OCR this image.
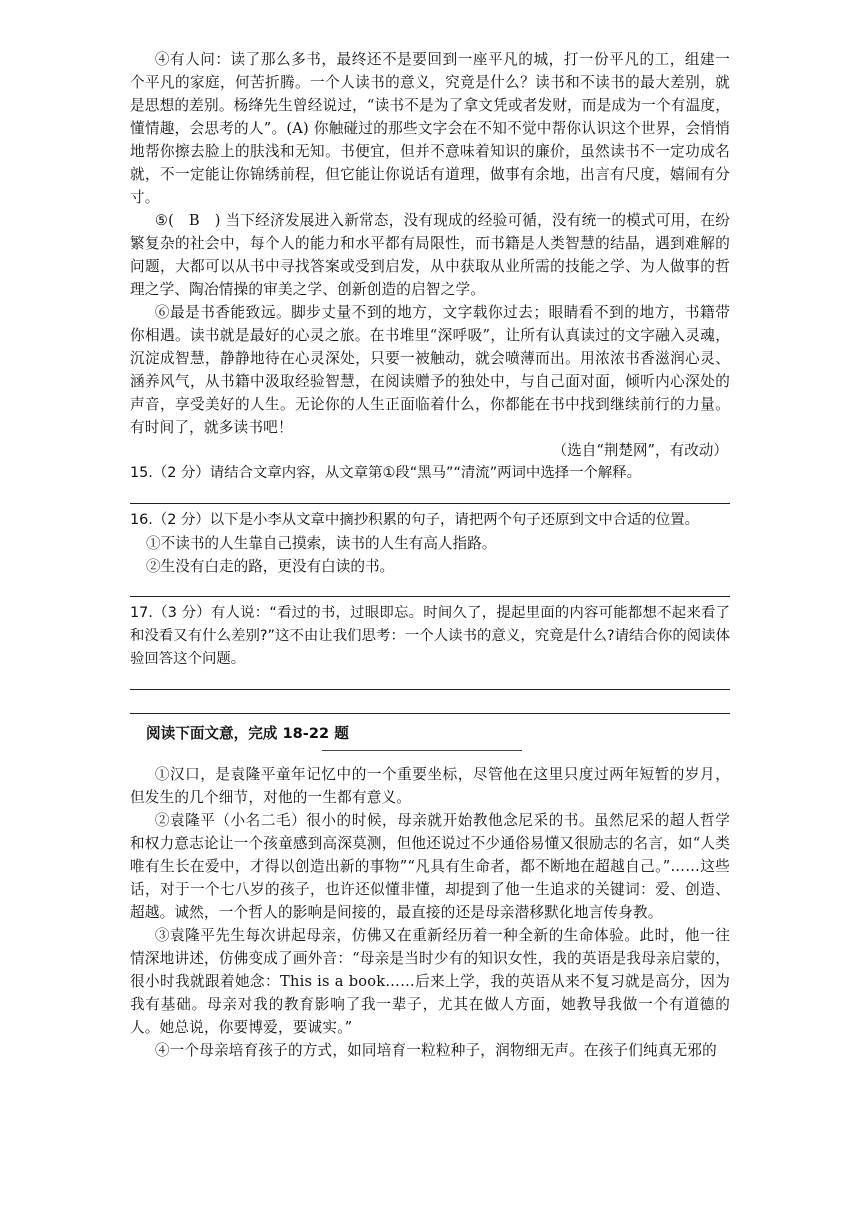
④有人问：读了那么多书，最终还不是要回到一座平凡的城，打一份平凡的工，组建一个平凡的家庭，何苦折腾。一个人读书的意义，究竟是什么？读书和不读书的最大差别，就是思想的差别。杨绛先生曾经说过，“读书不是为了拿文凭或者发财，而是成为一个有温度，懂情趣，会思考的人”。(A) 你触碰过的那些文字会在不知不觉中帮你认识这个世界，会悄悄地帮你擦去脸上的肤浅和无知。书便宜，但并不意味着知识的廉价，虽然读书不一定功成名就，不一定能让你锦绣前程，但它能让你说话有道理，做事有余地，出言有尺度，嬉闹有分寸。

⑤(　B　) 当下经济发展进入新常态，没有现成的经验可循，没有统一的模式可用，在纷繁复杂的社会中，每个人的能力和水平都有局限性，而书籍是人类智慧的结晶，遇到难解的问题，大都可以从书中寻找答案或受到启发，从中获取从业所需的技能之学、为人做事的哲理之学、陶冶情操的审美之学、创新创造的启智之学。

⑥最是书香能致远。脚步丈量不到的地方，文字载你过去；眼睛看不到的地方，书籍带你相遇。读书就是最好的心灵之旅。在书堆里“深呼吸”，让所有认真读过的文字融入灵魂，沉淀成智慧，静静地待在心灵深处，只要一被触动，就会喷薄而出。用浓浓书香滋润心灵、涵养风气，从书籍中汲取经验智慧，在阅读赠予的独处中，与自己面对面，倾听内心深处的声音，享受美好的人生。无论你的人生正面临着什么，你都能在书中找到继续前行的力量。有时间了，就多读书吧！

（选自“荆楚网”，有改动）

15.（2 分）请结合文章内容，从文章第①段“黑马”“清流”两词中选择一个解释。

16.（2 分）以下是小李从文章中摘抄积累的句子，请把两个句子还原到文中合适的位置。

①不读书的人生靠自己摸索，读书的人生有高人指路。

②生没有白走的路，更没有白读的书。

17.（3 分）有人说：“看过的书，过眼即忘。时间久了，提起里面的内容可能都想不起来看了和没看又有什么差别?”这不由让我们思考：一个人读书的意义，究竟是什么?请结合你的阅读体验回答这个问题。

阅读下面文意，完成 18-22 题

①汉口，是袁隆平童年记忆中的一个重要坐标，尽管他在这里只度过两年短暂的岁月，但发生的几个细节，对他的一生都有意义。

②袁隆平（小名二毛）很小的时候，母亲就开始教他念尼采的书。虽然尼采的超人哲学和权力意志论让一个孩童感到高深莫测，但他还说过不少通俗易懂又很励志的名言，如“人类唯有生长在爱中，才得以创造出新的事物”“凡具有生命者，都不断地在超越自己。”……这些话，对于一个七八岁的孩子，也许还似懂非懂，却提到了他一生追求的关键词：爱、创造、超越。诚然，一个哲人的影响是间接的，最直接的还是母亲潜移默化地言传身教。

③袁隆平先生每次讲起母亲，仿佛又在重新经历着一种全新的生命体验。此时，他一往情深地讲述，仿佛变成了画外音：“母亲是当时少有的知识女性，我的英语是我母亲启蒙的，很小时我就跟着她念：This is a book……后来上学，我的英语从来不复习就是高分，因为我有基础。母亲对我的教育影响了我一辈子，尤其在做人方面，她教导我做一个有道德的人。她总说，你要博爱，要诚实。”

④一个母亲培育孩子的方式，如同培育一粒粒种子，润物细无声。在孩子们纯真无邪的
